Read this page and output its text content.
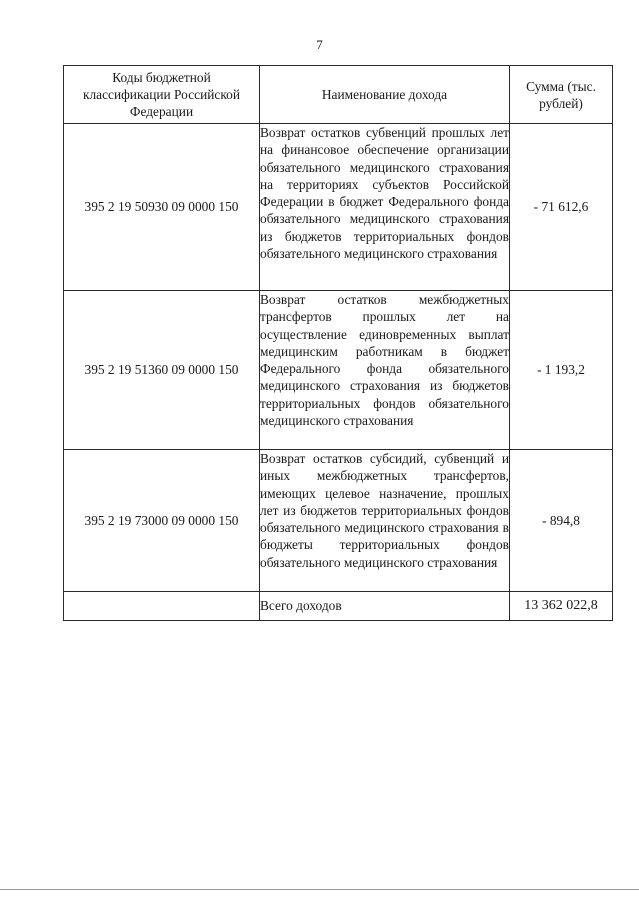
7
Коды бюджетной классификации Российской Федерации	Наименование дохода	Сумма (тыс. рублей)
395 2 19 50930 09 0000 150	Возврат остатков субвенций прошлых лет на финансовое обеспечение организации обязательного медицинского страхования на территориях субъектов Российской Федерации в бюджет Федерального фонда обязательного медицинского страхования из бюджетов территориальных фондов обязательного медицинского страхования	- 71 612,6
395 2 19 51360 09 0000 150	Возврат остатков межбюджетных трансфертов прошлых лет на осуществление единовременных выплат медицинским работникам в бюджет Федерального фонда обязательного медицинского страхования из бюджетов территориальных фондов обязательного медицинского страхования	- 1 193,2
395 2 19 73000 09 0000 150	Возврат остатков субсидий, субвенций и иных межбюджетных трансфертов, имеющих целевое назначение, прошлых лет из бюджетов территориальных фондов обязательного медицинского страхования в бюджеты территориальных фондов обязательного медицинского страхования	- 894,8
	Всего доходов	13 362 022,8
